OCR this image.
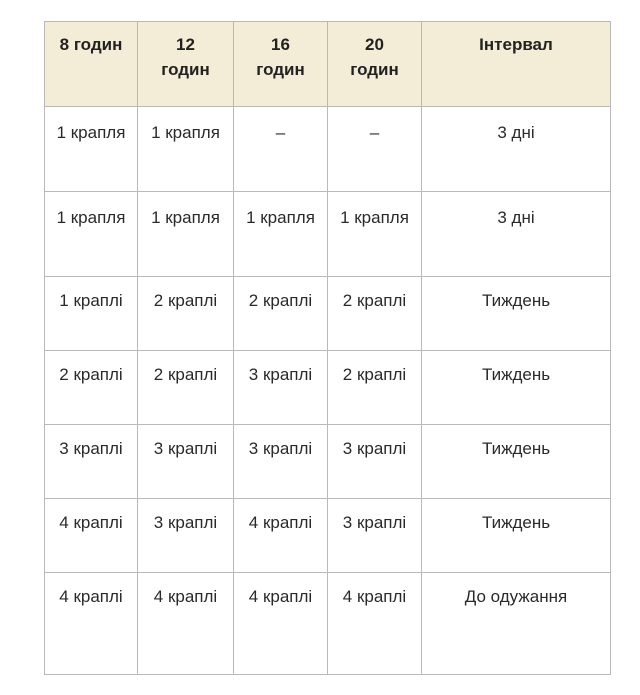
8 годин	12 годин	16 годин	20 годин	Інтервал

1 крапля	1 крапля	–	–	3 дні

1 крапля	1 крапля	1 крапля	1 крапля	3 дні

1 краплі	2 краплі	2 краплі	2 краплі	Тиждень

2 краплі	2 краплі	3 краплі	2 краплі	Тиждень

3 краплі	3 краплі	3 краплі	3 краплі	Тиждень

4 краплі	3 краплі	4 краплі	3 краплі	Тиждень

4 краплі	4 краплі	4 краплі	4 краплі	До одужання
